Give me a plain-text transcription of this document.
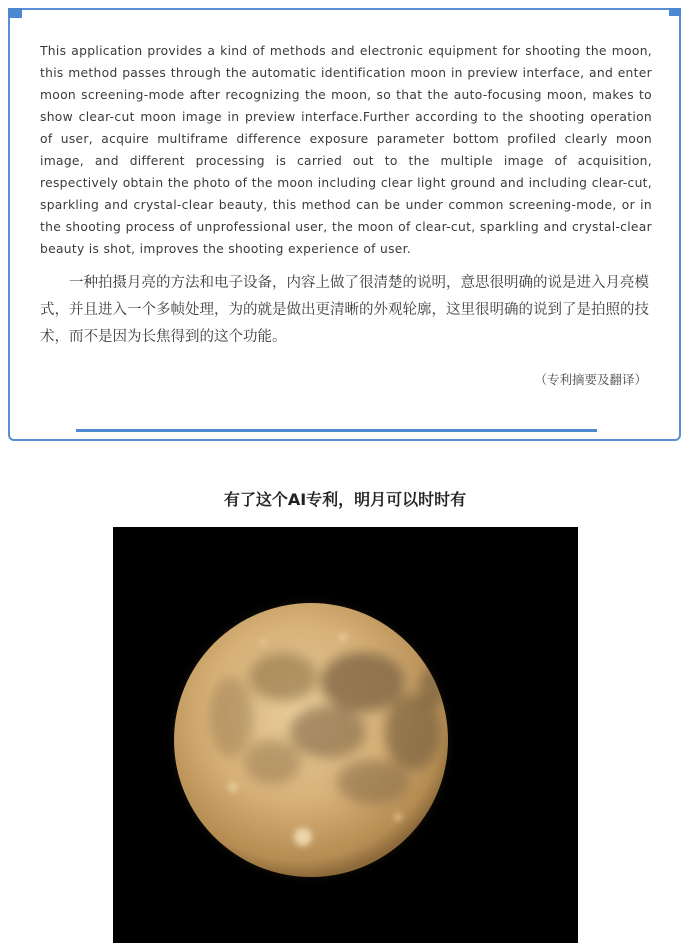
This application provides a kind of methods and electronic equipment for shooting the moon, this method passes through the automatic identification moon in preview interface, and enter moon screening-mode after recognizing the moon, so that the auto-focusing moon, makes to show clear-cut moon image in preview interface.Further according to the shooting operation of user, acquire multiframe difference exposure parameter bottom profiled clearly moon image, and different processing is carried out to the multiple image of acquisition, respectively obtain the photo of the moon including clear light ground and including clear-cut, sparkling and crystal-clear beauty, this method can be under common screening-mode, or in the shooting process of unprofessional user, the moon of clear-cut, sparkling and crystal-clear beauty is shot, improves the shooting experience of user.

  一种拍摄月亮的方法和电子设备，内容上做了很清楚的说明，意思很明确的说是进入月亮模式，并且进入一个多帧处理，为的就是做出更清晰的外观轮廓，这里很明确的说到了是拍照的技术，而不是因为长焦得到的这个功能。

（专利摘要及翻译）
有了这个AI专利，明月可以时时有
